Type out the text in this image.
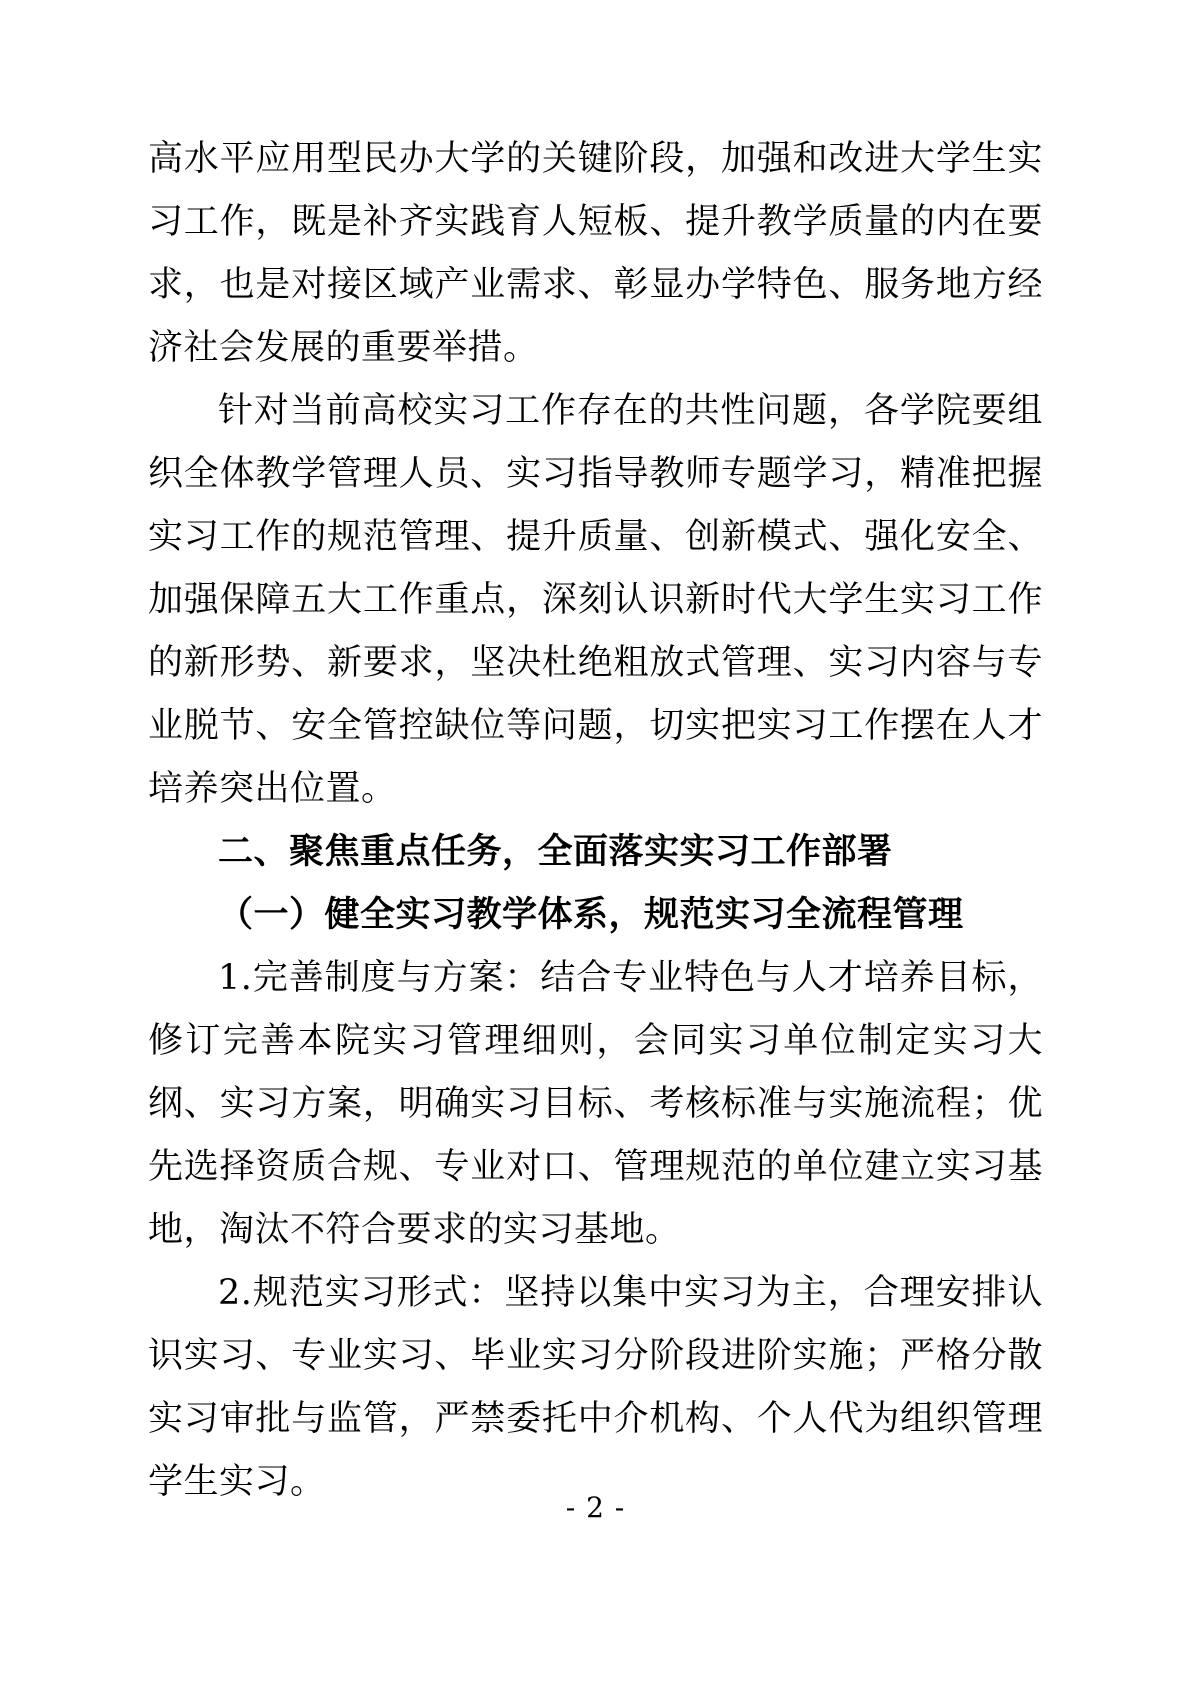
高水平应用型民办大学的关键阶段，加强和改进大学生实习工作，既是补齐实践育人短板、提升教学质量的内在要求，也是对接区域产业需求、彰显办学特色、服务地方经济社会发展的重要举措。

针对当前高校实习工作存在的共性问题，各学院要组织全体教学管理人员、实习指导教师专题学习，精准把握实习工作的规范管理、提升质量、创新模式、强化安全、加强保障五大工作重点，深刻认识新时代大学生实习工作的新形势、新要求，坚决杜绝粗放式管理、实习内容与专业脱节、安全管控缺位等问题，切实把实习工作摆在人才培养突出位置。

二、聚焦重点任务，全面落实实习工作部署

（一）健全实习教学体系，规范实习全流程管理

1.完善制度与方案：结合专业特色与人才培养目标，修订完善本院实习管理细则，会同实习单位制定实习大纲、实习方案，明确实习目标、考核标准与实施流程；优先选择资质合规、专业对口、管理规范的单位建立实习基地，淘汰不符合要求的实习基地。

2.规范实习形式：坚持以集中实习为主，合理安排认识实习、专业实习、毕业实习分阶段进阶实施；严格分散实习审批与监管，严禁委托中介机构、个人代为组织管理学生实习。

- 2 -
